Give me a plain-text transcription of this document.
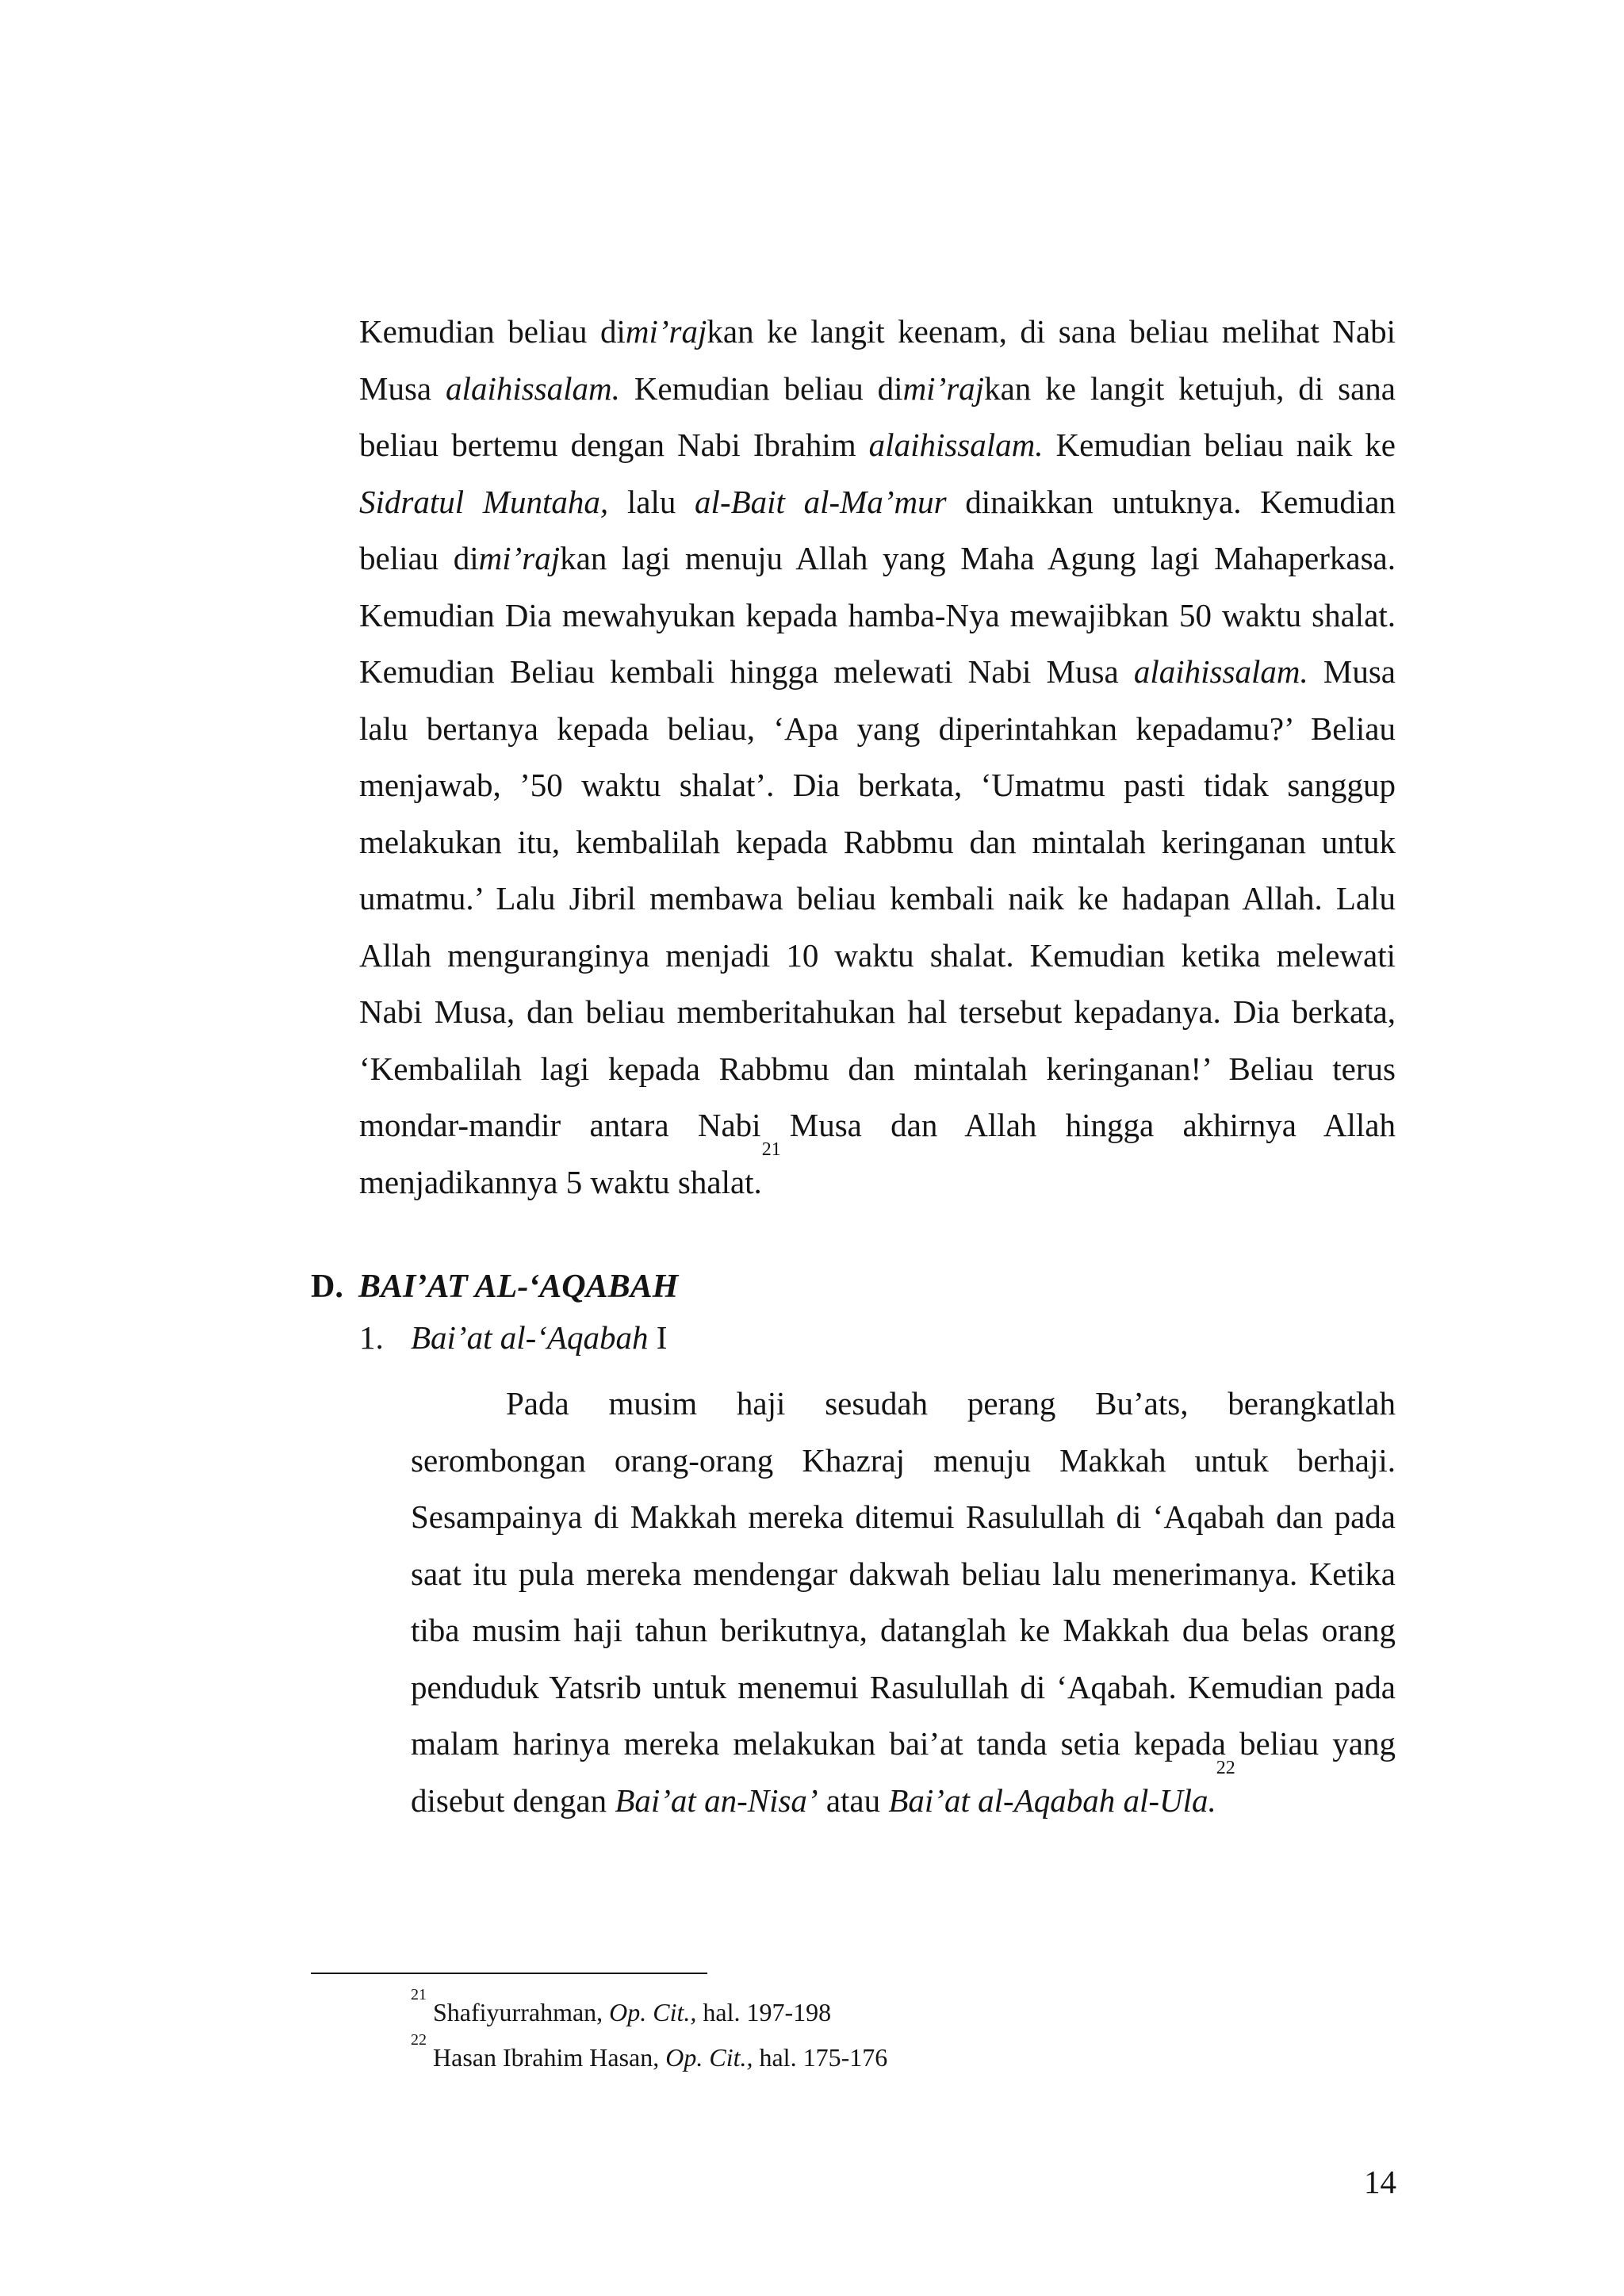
Kemudian beliau dimi’rajkan ke langit keenam, di sana beliau melihat Nabi
Musa alaihissalam. Kemudian beliau dimi’rajkan ke langit ketujuh, di sana
beliau bertemu dengan Nabi Ibrahim alaihissalam. Kemudian beliau naik ke
Sidratul Muntaha, lalu al-Bait al-Ma’mur dinaikkan untuknya. Kemudian
beliau dimi’rajkan lagi menuju Allah yang Maha Agung lagi Mahaperkasa.
Kemudian Dia mewahyukan kepada hamba-Nya mewajibkan 50 waktu shalat.
Kemudian Beliau kembali hingga melewati Nabi Musa alaihissalam. Musa
lalu bertanya kepada beliau, ‘Apa yang diperintahkan kepadamu?’ Beliau
menjawab, ’50 waktu shalat’. Dia berkata, ‘Umatmu pasti tidak sanggup
melakukan itu, kembalilah kepada Rabbmu dan mintalah keringanan untuk
umatmu.’ Lalu Jibril membawa beliau kembali naik ke hadapan Allah. Lalu
Allah menguranginya menjadi 10 waktu shalat. Kemudian ketika melewati
Nabi Musa, dan beliau memberitahukan hal tersebut kepadanya. Dia berkata,
‘Kembalilah lagi kepada Rabbmu dan mintalah keringanan!’ Beliau terus
mondar-mandir antara Nabi Musa dan Allah hingga akhirnya Allah
menjadikannya 5 waktu shalat.$^{21}$
D. BAI’AT AL-‘AQABAH
1. Bai’at al-‘Aqabah I
Pada musim haji sesudah perang Bu’ats, berangkatlah
serombongan orang-orang Khazraj menuju Makkah untuk berhaji.
Sesampainya di Makkah mereka ditemui Rasulullah di ‘Aqabah dan pada
saat itu pula mereka mendengar dakwah beliau lalu menerimanya. Ketika
tiba musim haji tahun berikutnya, datanglah ke Makkah dua belas orang
penduduk Yatsrib untuk menemui Rasulullah di ‘Aqabah. Kemudian pada
malam harinya mereka melakukan bai’at tanda setia kepada beliau yang
disebut dengan Bai’at an-Nisa’ atau Bai’at al-Aqabah al-Ula.$^{22}$
$^{21}$ Shafiyurrahman, Op. Cit., hal. 197-198
$^{22}$ Hasan Ibrahim Hasan, Op. Cit., hal. 175-176
14
